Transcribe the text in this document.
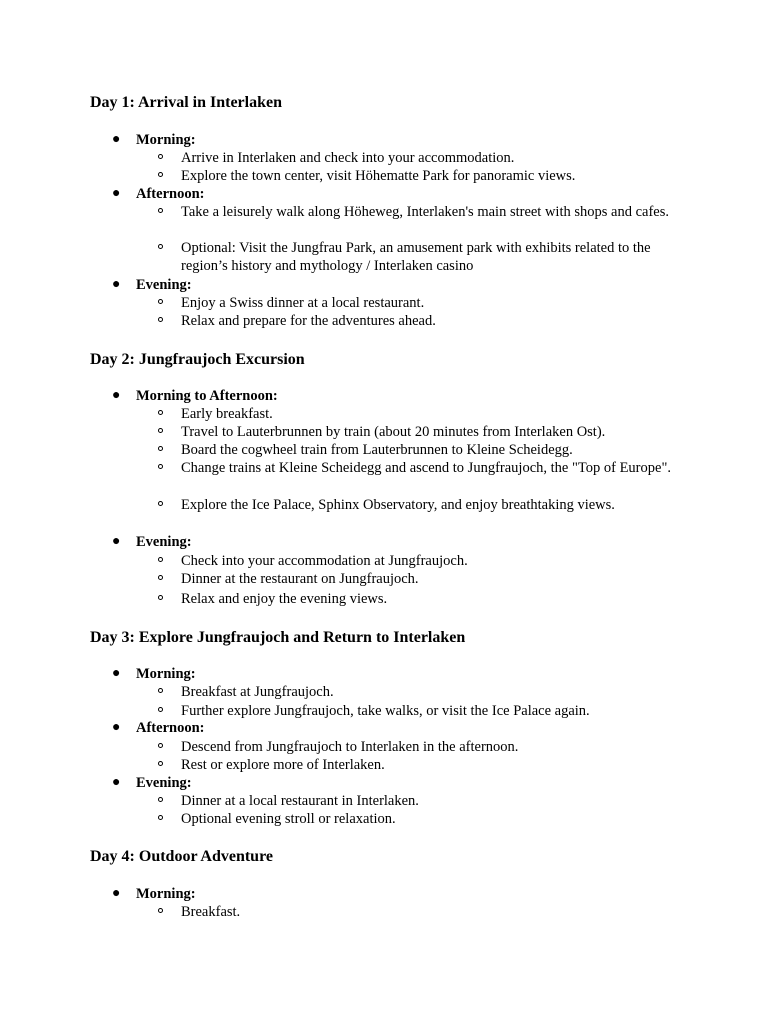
Day 1: Arrival in Interlaken
● Morning:
Arrive in Interlaken and check into your accommodation.
Explore the town center, visit Höhematte Park for panoramic views.
● Afternoon:
Take a leisurely walk along Höheweg, Interlaken's main street with shops and cafes.
Optional: Visit the Jungfrau Park, an amusement park with exhibits related to the region’s history and mythology / Interlaken casino
● Evening:
Enjoy a Swiss dinner at a local restaurant.
Relax and prepare for the adventures ahead.
Day 2: Jungfraujoch Excursion
● Morning to Afternoon:
Early breakfast.
Travel to Lauterbrunnen by train (about 20 minutes from Interlaken Ost).
Board the cogwheel train from Lauterbrunnen to Kleine Scheidegg.
Change trains at Kleine Scheidegg and ascend to Jungfraujoch, the "Top of Europe".
Explore the Ice Palace, Sphinx Observatory, and enjoy breathtaking views.
● Evening:
Check into your accommodation at Jungfraujoch.
Dinner at the restaurant on Jungfraujoch.
Relax and enjoy the evening views.
Day 3: Explore Jungfraujoch and Return to Interlaken
● Morning:
Breakfast at Jungfraujoch.
Further explore Jungfraujoch, take walks, or visit the Ice Palace again.
● Afternoon:
Descend from Jungfraujoch to Interlaken in the afternoon.
Rest or explore more of Interlaken.
● Evening:
Dinner at a local restaurant in Interlaken.
Optional evening stroll or relaxation.
Day 4: Outdoor Adventure
● Morning:
Breakfast.
